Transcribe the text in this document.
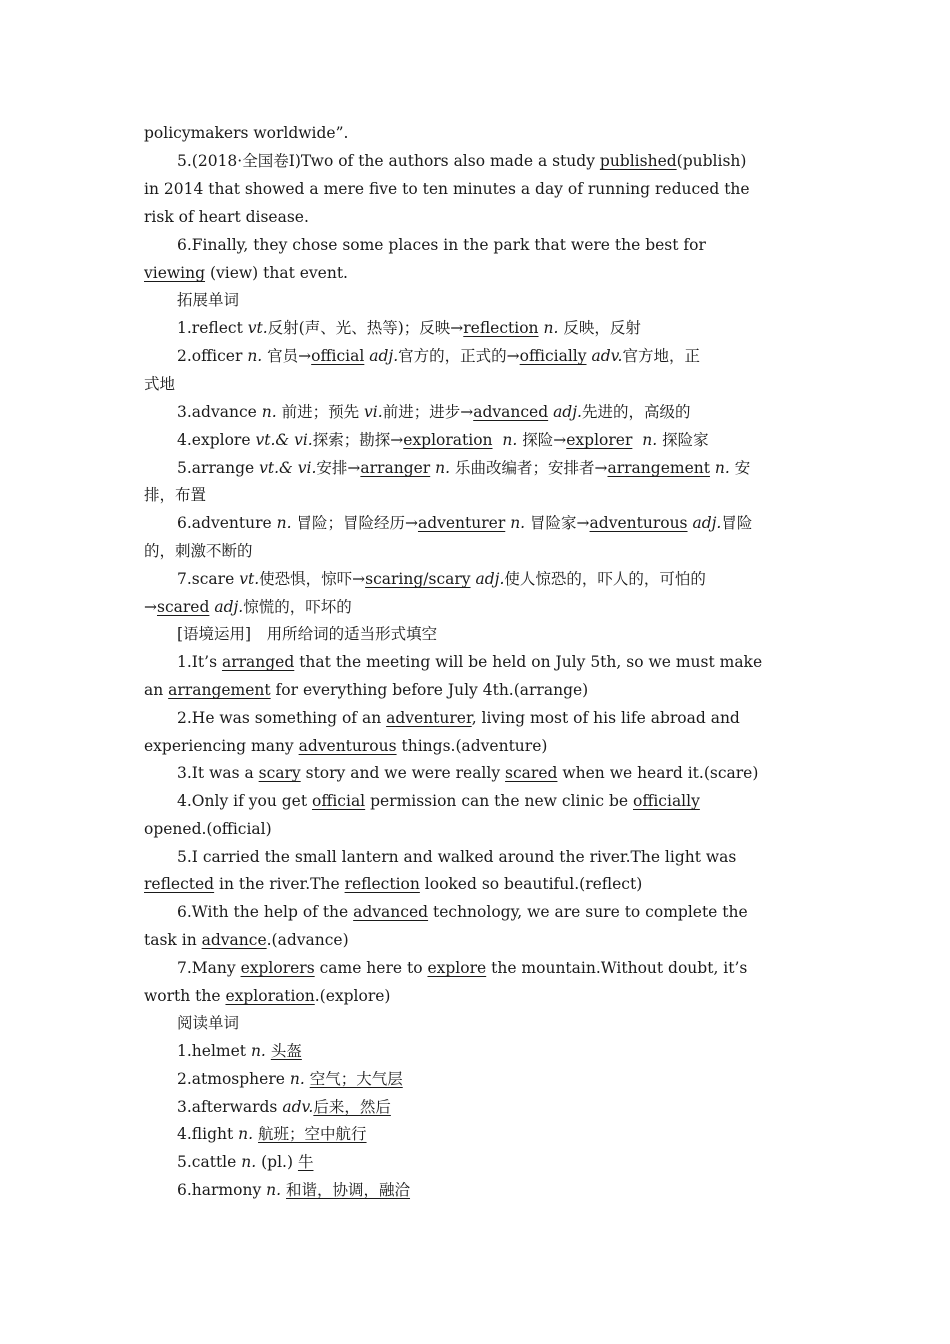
policymakers worldwide”.
5.(2018·全国卷Ⅰ)Two of the authors also made a study published(publish)
in 2014 that showed a mere five to ten minutes a day of running reduced the
risk of heart disease.
6.Finally, they chose some places in the park that were the best for
viewing (view) that event.
拓展单词
1.reflect vt.反射(声、光、热等)；反映→reflection n. 反映，反射
2.officer n. 官员→official adj.官方的，正式的→officially adv.官方地，正
式地
3.advance n. 前进；预先 vi.前进；进步→advanced adj.先进的，高级的
4.explore vt.& vi.探索；勘探→exploration n. 探险→explorer n. 探险家
5.arrange vt.& vi.安排→arranger n. 乐曲改编者；安排者→arrangement n. 安
排，布置
6.adventure n. 冒险；冒险经历→adventurer n. 冒险家→adventurous adj.冒险
的，刺激不断的
7.scare vt.使恐惧，惊吓→scaring/scary adj.使人惊恐的，吓人的，可怕的
→scared adj.惊慌的，吓坏的
[语境运用]　用所给词的适当形式填空
1.It’s arranged that the meeting will be held on July 5th, so we must make
an arrangement for everything before July 4th.(arrange)
2.He was something of an adventurer, living most of his life abroad and
experiencing many adventurous things.(adventure)
3.It was a scary story and we were really scared when we heard it.(scare)
4.Only if you get official permission can the new clinic be officially
opened.(official)
5.I carried the small lantern and walked around the river.The light was
reflected in the river.The reflection looked so beautiful.(reflect)
6.With the help of the advanced technology, we are sure to complete the
task in advance.(advance)
7.Many explorers came here to explore the mountain.Without doubt, it’s
worth the exploration.(explore)
阅读单词
1.helmet n. 头盔
2.atmosphere n. 空气；大气层
3.afterwards adv.后来，然后
4.flight n. 航班；空中航行
5.cattle n. (pl.) 牛
6.harmony n. 和谐，协调，融洽
